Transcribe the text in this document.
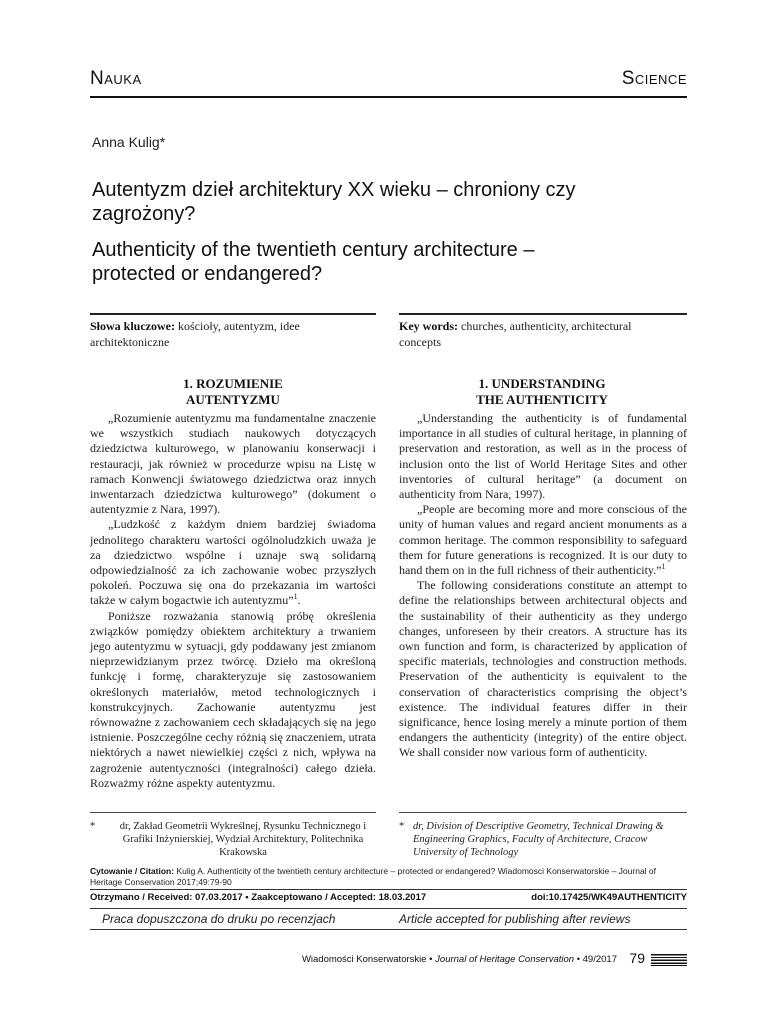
Nauka	Science
Anna Kulig*
Autentyzm dzieł architektury XX wieku – chroniony czy zagrożony?
Authenticity of the twentieth century architecture – protected or endangered?
Słowa kluczowe: kościoły, autentyzm, idee architektoniczne
Key words: churches, authenticity, architectural concepts
1. ROZUMIENIE
AUTENTYZMU
1. UNDERSTANDING
THE AUTHENTICITY

„Rozumienie autentyzmu ma fundamentalne znaczenie we wszystkich studiach naukowych dotyczących dziedzictwa kulturowego, w planowaniu konserwacji i restauracji, jak również w procedurze wpisu na Listę w ramach Konwencji światowego dziedzictwa oraz innych inwentarzach dziedzictwa kulturowego” (dokument o autentyzmie z Nara, 1997).

„Ludzkość z każdym dniem bardziej świadoma jednolitego charakteru wartości ogólnoludzkich uważa je za dziedzictwo wspólne i uznaje swą solidarną odpowiedzialność za ich zachowanie wobec przyszłych pokoleń. Poczuwa się ona do przekazania im wartości także w całym bogactwie ich autentyzmu”$^1$.

Poniższe rozważania stanowią próbę określenia związków pomiędzy obiektem architektury a trwaniem jego autentyzmu w sytuacji, gdy poddawany jest zmianom nieprzewidzianym przez twórcę. Dzieło ma określoną funkcję i formę, charakteryzuje się zastosowaniem określonych materiałów, metod technologicznych i konstrukcyjnych. Zachowanie autentyzmu jest równoważne z zachowaniem cech składających się na jego istnienie. Poszczególne cechy różnią się znaczeniem, utrata niektórych a nawet niewielkiej części z nich, wpływa na zagrożenie autentyczności (integralności) całego dzieła. Rozważmy różne aspekty autentyzmu.

„Understanding the authenticity is of fundamental importance in all studies of cultural heritage, in planning of preservation and restoration, as well as in the process of inclusion onto the list of World Heritage Sites and other inventories of cultural heritage” (a document on authenticity from Nara, 1997).

„People are becoming more and more conscious of the unity of human values and regard ancient monuments as a common heritage. The common responsibility to safeguard them for future generations is recognized. It is our duty to hand them on in the full richness of their authenticity.”$^1$

The following considerations constitute an attempt to define the relationships between architectural objects and the sustainability of their authenticity as they undergo changes, unforeseen by their creators. A structure has its own function and form, is characterized by application of specific materials, technologies and construction methods. Preservation of the authenticity is equivalent to the conservation of characteristics comprising the object’s existence. The individual features differ in their significance, hence losing merely a minute portion of them endangers the authenticity (integrity) of the entire object. We shall consider now various form of authenticity.

*	dr, Zakład Geometrii Wykreślnej, Rysunku Technicznego i Grafiki Inżynierskiej, Wydział Architektury, Politechnika Krakowska
* dr, Division of Descriptive Geometry, Technical Drawing & Engineering Graphics, Faculty of Architecture, Cracow University of Technology
Cytowanie / Citation: Kulig A. Authenticity of the twentieth century architecture – protected or endangered? Wiadomosci Konserwatorskie – Journal of Heritage Conservation 2017;49:79-90
Otrzymano / Received: 07.03.2017 • Zaakceptowano / Accepted: 18.03.2017	doi:10.17425/WK49AUTHENTICITY
Praca dopuszczona do druku po recenzjach	Article accepted for publishing after reviews
Wiadomości Konserwatorskie • Journal of Heritage Conservation • 49/2017 79
